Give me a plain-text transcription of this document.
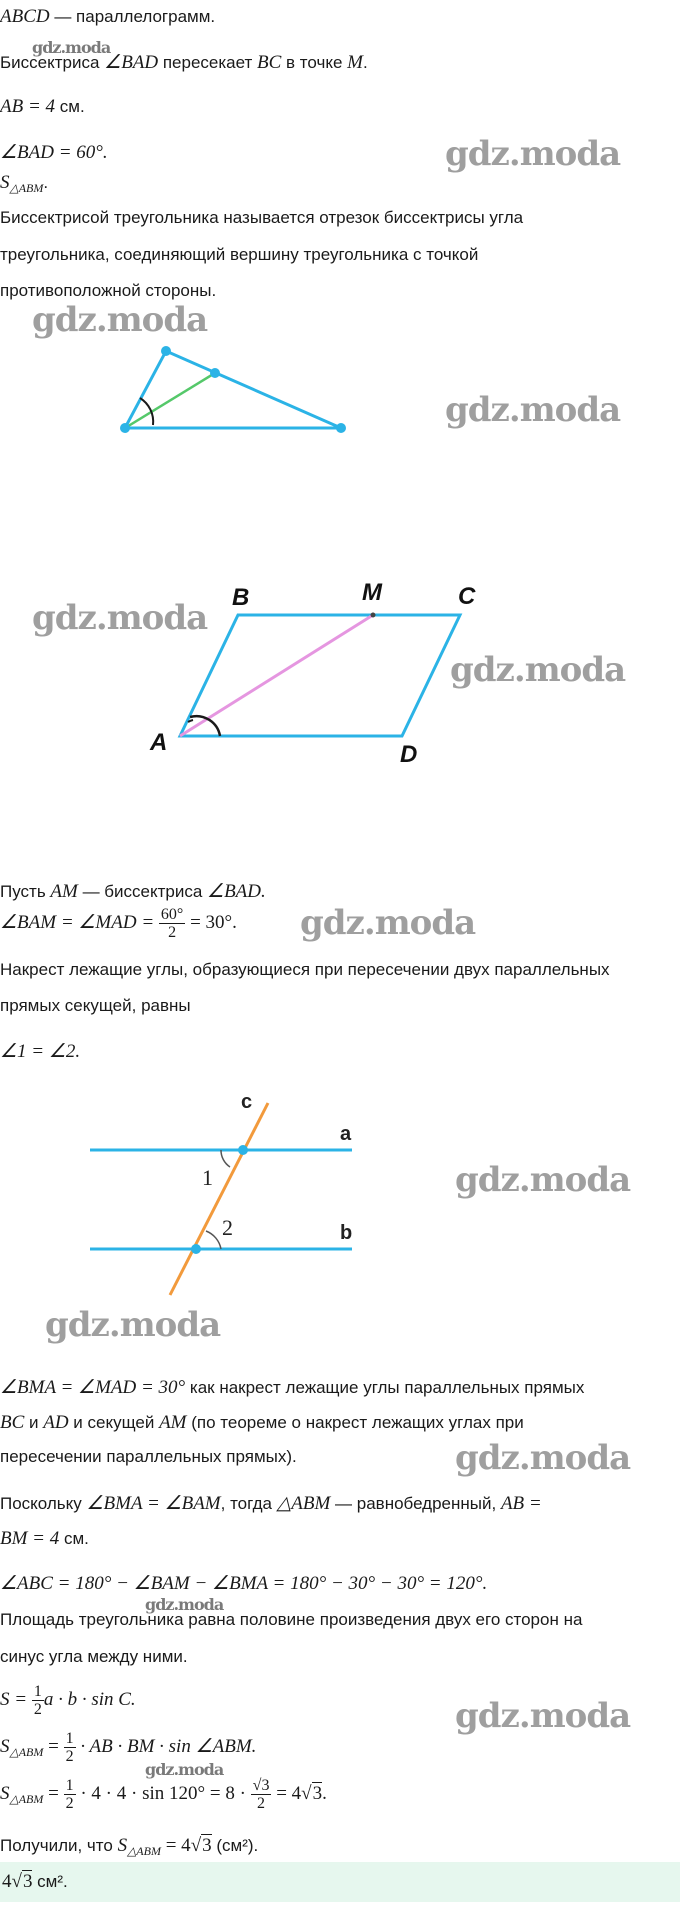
ABCD — параллелограмм.
Биссектриса ∠BAD пересекает BC в точке M.
AB = 4 см.
∠BAD = 60°.
$S_{\triangle ABM}$.
Биссектрисой треугольника называется отрезок биссектрисы угла
треугольника, соединяющий вершину треугольника с точкой
противоположной стороны.
A
B	M	C
D
Пусть AM — биссектриса ∠BAD.
∠BAM = ∠MAD = $\frac{60^\circ}{2} = 30^\circ$.
Накрест лежащие углы, образующиеся при пересечении двух параллельных
прямых секущей, равны
∠1 = ∠2.
c
a
b
1
2
∠BMA = ∠MAD = 30° как накрест лежащие углы параллельных прямых
BC и AD и секущей AM (по теореме о накрест лежащих углах при
пересечении параллельных прямых).
Поскольку ∠BMA = ∠BAM, тогда △ABM — равнобедренный, AB =
BM = 4 см.
∠ABC = 180° − ∠BAM − ∠BMA = 180° − 30° − 30° = 120°.
Площадь треугольника равна половине произведения двух его сторон на
синус угла между ними.
$S = \frac{1}{2}$ a · b · sin C.
$S_{\triangle ABM} = \frac{1}{2}$ · AB · BM · sin ∠ABM.
$S_{\triangle ABM} = \frac{1}{2} \cdot 4 \cdot 4 \cdot \sin 120^\circ = 8 \cdot \frac{√3}{2} = 4√3$.
Получили, что $S_{\triangle ABM} = 4√3$ (см²).
4√3 см².
gdz.moda
gdz.moda
gdz.moda
gdz.moda
gdz.moda
gdz.moda
gdz.moda
gdz.moda
gdz.moda
gdz.moda
gdz.moda
gdz.moda
gdz.moda
